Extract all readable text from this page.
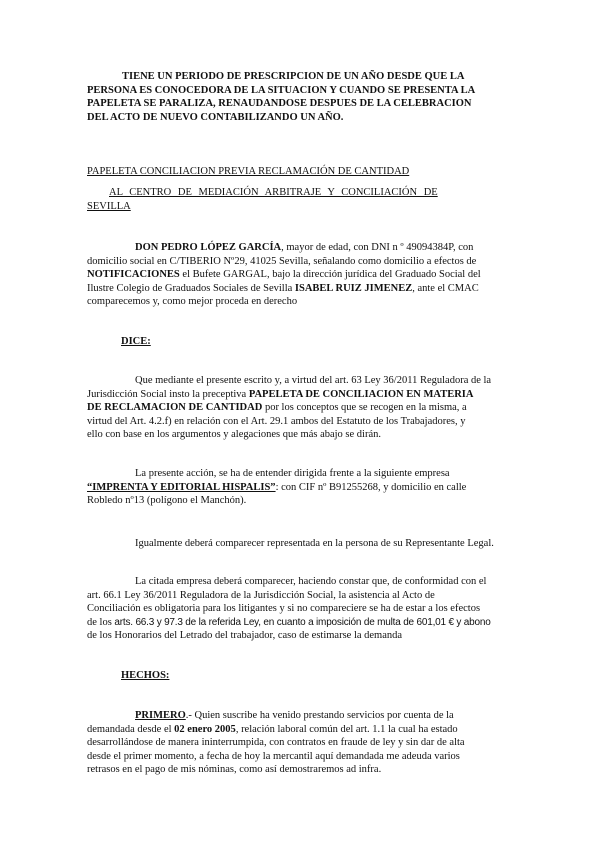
TIENE UN PERIODO DE PRESCRIPCION DE UN AÑO DESDE QUE LA
PERSONA ES CONOCEDORA DE LA SITUACION Y CUANDO SE PRESENTA LA
PAPELETA SE PARALIZA, RENAUDANDOSE DESPUES DE LA CELEBRACION
DEL ACTO DE NUEVO CONTABILIZANDO UN AÑO.
PAPELETA CONCILIACION PREVIA RECLAMACIÓN DE CANTIDAD
AL CENTRO DE MEDIACIÓN ARBITRAJE Y CONCILIACIÓN DE
SEVILLA
DON PEDRO LÓPEZ GARCÍA, mayor de edad, con DNI n º 49094384P, con
domicilio social en C/TIBERIO Nº29, 41025 Sevilla, señalando como domicilio a efectos de
NOTIFICACIONES el Bufete GARGAL, bajo la dirección jurídica del Graduado Social del
Ilustre Colegio de Graduados Sociales de Sevilla ISABEL RUIZ JIMENEZ, ante el CMAC
comparecemos y, como mejor proceda en derecho
DICE:
Que mediante el presente escrito y, a virtud del art. 63 Ley 36/2011 Reguladora de la
Jurisdicción Social insto la preceptiva PAPELETA DE CONCILIACION EN MATERIA
DE RECLAMACION DE CANTIDAD por los conceptos que se recogen en la misma, a
virtud del Art. 4.2.f) en relación con el Art. 29.1 ambos del Estatuto de los Trabajadores, y
ello con base en los argumentos y alegaciones que más abajo se dirán.
La presente acción, se ha de entender dirigida frente a la siguiente empresa
“IMPRENTA Y EDITORIAL HISPALIS”: con CIF nº B91255268, y domicilio en calle
Robledo nº13 (polígono el Manchón).
Igualmente deberá comparecer representada en la persona de su Representante Legal.
La citada empresa deberá comparecer, haciendo constar que, de conformidad con el
art. 66.1 Ley 36/2011 Reguladora de la Jurisdicción Social, la asistencia al Acto de
Conciliación es obligatoria para los litigantes y si no compareciere se ha de estar a los efectos
de los arts. 66.3 y 97.3 de la referida Ley, en cuanto a imposición de multa de 601,01 € y abono
de los Honorarios del Letrado del trabajador, caso de estimarse la demanda
HECHOS:
PRIMERO.- Quien suscribe ha venido prestando servicios por cuenta de la
demandada desde el 02 enero 2005, relación laboral común del art. 1.1 la cual ha estado
desarrollándose de manera ininterrumpida, con contratos en fraude de ley y sin dar de alta
desde el primer momento, a fecha de hoy la mercantil aquí demandada me adeuda varios
retrasos en el pago de mis nóminas, como así demostraremos ad infra.
